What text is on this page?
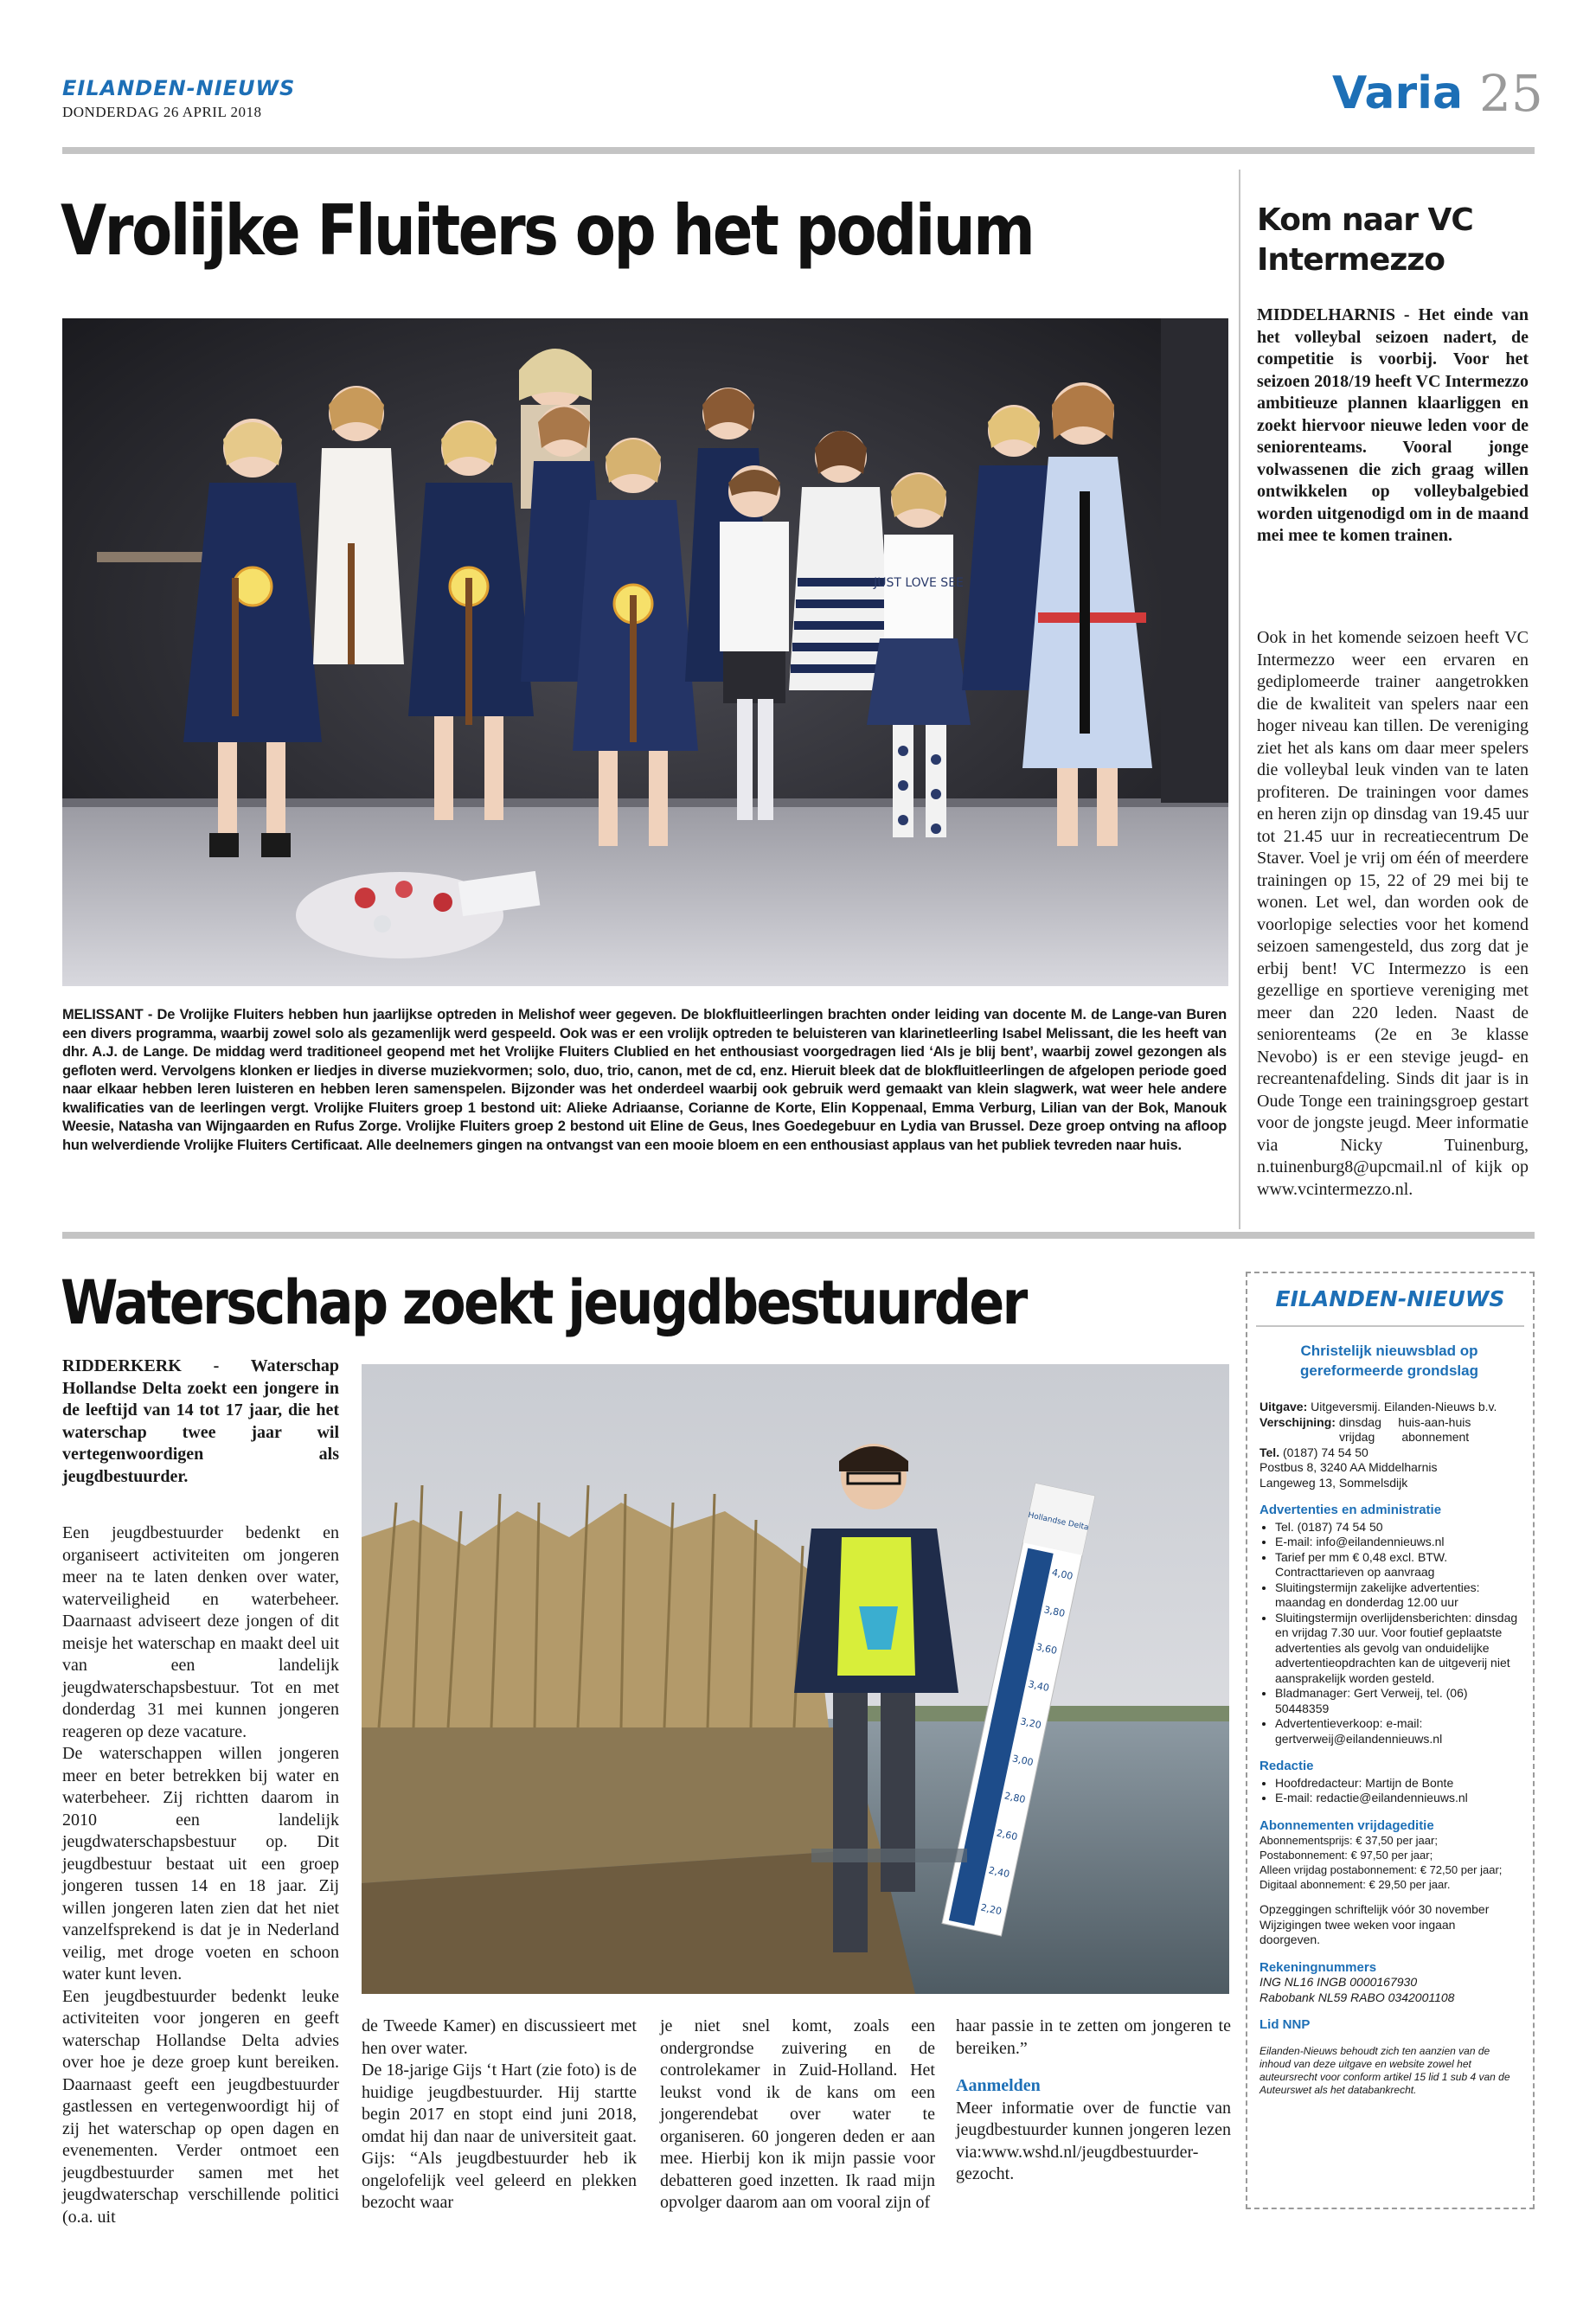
EILANDEN-NIEUWS
DONDERDAG 26 APRIL 2018	Varia 25
Vrolijke Fluiters op het podium
JUST LOVE SEE
MELISSANT - De Vrolijke Fluiters hebben hun jaarlijkse optreden in Melishof weer gegeven. De blokfluitleerlingen brachten onder leiding van docente M. de Lange-van Buren een divers programma, waarbij zowel solo als gezamenlijk werd gespeeld. Ook was er een vrolijk optreden te beluisteren van klarinetleerling Isabel Melissant, die les heeft van dhr. A.J. de Lange. De middag werd traditioneel geopend met het Vrolijke Fluiters Clublied en het enthousiast voorgedragen lied ‘Als je blij bent’, waarbij zowel gezongen als gefloten werd. Vervolgens klonken er liedjes in diverse muziekvormen; solo, duo, trio, canon, met de cd, enz. Hieruit bleek dat de blokfluitleerlingen de afgelopen periode goed naar elkaar hebben leren luisteren en hebben leren samenspelen. Bijzonder was het onderdeel waarbij ook gebruik werd gemaakt van klein slagwerk, wat weer hele andere kwalificaties van de leerlingen vergt. Vrolijke Fluiters groep 1 bestond uit: Alieke Adriaanse, Corianne de Korte, Elin Koppenaal, Emma Verburg, Lilian van der Bok, Manouk Weesie, Natasha van Wijngaarden en Rufus Zorge. Vrolijke Fluiters groep 2 bestond uit Eline de Geus, Ines Goedegebuur en Lydia van Brussel. Deze groep ontving na afloop hun welverdiende Vrolijke Fluiters Certificaat. Alle deelnemers gingen na ontvangst van een mooie bloem en een enthousiast applaus van het publiek tevreden naar huis.
Kom naar VC Intermezzo
MIDDELHARNIS - Het einde van het volleybal seizoen nadert, de competitie is voorbij. Voor het seizoen 2018/19 heeft VC Intermezzo ambitieuze plannen klaarliggen en zoekt hiervoor nieuwe leden voor de seniorenteams. Vooral jonge volwassenen die zich graag willen ontwikkelen op volleybalgebied worden uitgenodigd om in de maand mei mee te komen trainen.
Ook in het komende seizoen heeft VC Intermezzo weer een ervaren en gediplomeerde trainer aangetrokken die de kwaliteit van spelers naar een hoger niveau kan tillen. De vereniging ziet het als kans om daar meer spelers die volleybal leuk vinden van te laten profiteren. De trainingen voor dames en heren zijn op dinsdag van 19.45 uur tot 21.45 uur in recreatiecentrum De Staver. Voel je vrij om één of meerdere trainingen op 15, 22 of 29 mei bij te wonen. Let wel, dan worden ook de voorlopige selecties voor het komend seizoen samengesteld, dus zorg dat je erbij bent! VC Intermezzo is een gezellige en sportieve vereniging met meer dan 220 leden. Naast de seniorenteams (2e en 3e klasse Nevobo) is er een stevige jeugd- en recreantenafdeling. Sinds dit jaar is in Oude Tonge een trainingsgroep gestart voor de jongste jeugd. Meer informatie via Nicky Tuinenburg, n.tuinenburg8@upcmail.nl of kijk op www.vcintermezzo.nl.
Waterschap zoekt jeugdbestuurder
RIDDERKERK - Waterschap Hollandse Delta zoekt een jongere in de leeftijd van 14 tot 17 jaar, die het waterschap twee jaar wil vertegenwoordigen als jeugdbestuurder.
Een jeugdbestuurder bedenkt en organiseert activiteiten om jongeren meer na te laten denken over water, waterveiligheid en waterbeheer. Daarnaast adviseert deze jongen of dit meisje het waterschap en maakt deel uit van een landelijk jeugdwaterschapsbestuur. Tot en met donderdag 31 mei kunnen jongeren reageren op deze vacature.
De waterschappen willen jongeren meer en beter betrekken bij water en waterbeheer. Zij richtten daarom in 2010 een landelijk jeugdwaterschapsbestuur op. Dit jeugdbestuur bestaat uit een groep jongeren tussen 14 en 18 jaar. Zij willen jongeren laten zien dat het niet vanzelfsprekend is dat je in Nederland veilig, met droge voeten en schoon water kunt leven.
Een jeugdbestuurder bedenkt leuke activiteiten voor jongeren en geeft waterschap Hollandse Delta advies over hoe je deze groep kunt bereiken. Daarnaast geeft een jeugdbestuurder gastlessen en vertegenwoordigt hij of zij het waterschap op open dagen en evenementen. Verder ontmoet een jeugdbestuurder samen met het jeugdwaterschap verschillende politici (o.a. uit
Hollandse Delta
4,00
3,80
3,60
3,40
3,20
3,00
2,80
2,60
2,40
2,20
de Tweede Kamer) en discussieert met hen over water.
De 18-jarige Gijs ‘t Hart (zie foto) is de huidige jeugdbestuurder. Hij startte begin 2017 en stopt eind juni 2018, omdat hij dan naar de universiteit gaat. Gijs: “Als jeugdbestuurder heb ik ongelofelijk veel geleerd en plekken bezocht waar
je niet snel komt, zoals een ondergrondse zuivering en de controlekamer in Zuid-Holland. Het leukst vond ik de kans om een jongerendebat over water te organiseren. 60 jongeren deden er aan mee. Hierbij kon ik mijn passie voor debatteren goed inzetten. Ik raad mijn opvolger daarom aan om vooral zijn of
haar passie in te zetten om jongeren te bereiken.”
Aanmelden
Meer informatie over de functie van jeugdbestuurder kunnen jongeren lezen via:www.wshd.nl/jeugdbestuurder-gezocht.
EILANDEN-NIEUWS
Christelijk nieuwsblad op gereformeerde grondslag
Uitgave: Uitgeversmij. Eilanden-Nieuws b.v.
Verschijning: dinsdag     huis-aan-huis
vrijdag        abonnement
Tel. (0187) 74 54 50
Postbus 8, 3240 AA Middelharnis
Langeweg 13, Sommelsdijk
Advertenties en administratie
• Tel. (0187) 74 54 50
• E-mail: info@eilandennieuws.nl
• Tarief per mm € 0,48 excl. BTW. Contracttarieven op aanvraag
• Sluitingstermijn zakelijke advertenties: maandag en donderdag 12.00 uur
• Sluitingstermijn overlijdensberichten: dinsdag en vrijdag 7.30 uur. Voor foutief geplaatste advertenties als gevolg van onduidelijke advertentieopdrachten kan de uitgeverij niet aansprakelijk worden gesteld.
• Bladmanager: Gert Verweij, tel. (06) 50448359
• Advertentieverkoop: e-mail: gertverweij@eilandennieuws.nl
Redactie
• Hoofdredacteur: Martijn de Bonte
• E-mail: redactie@eilandennieuws.nl
Abonnementen vrijdageditie
Abonnementsprijs: € 37,50 per jaar;
Postabonnement: € 97,50 per jaar;
Alleen vrijdag postabonnement: € 72,50 per jaar;
Digitaal abonnement: € 29,50 per jaar.
Opzeggingen schriftelijk vóór 30 november Wijzigingen twee weken voor ingaan doorgeven.
Rekeningnummers
ING NL16 INGB 0000167930
Rabobank NL59 RABO 0342001108
Lid NNP
Eilanden-Nieuws behoudt zich ten aanzien van de inhoud van deze uitgave en website zowel het auteursrecht voor conform artikel 15 lid 1 sub 4 van de Auteurswet als het databankrecht.
